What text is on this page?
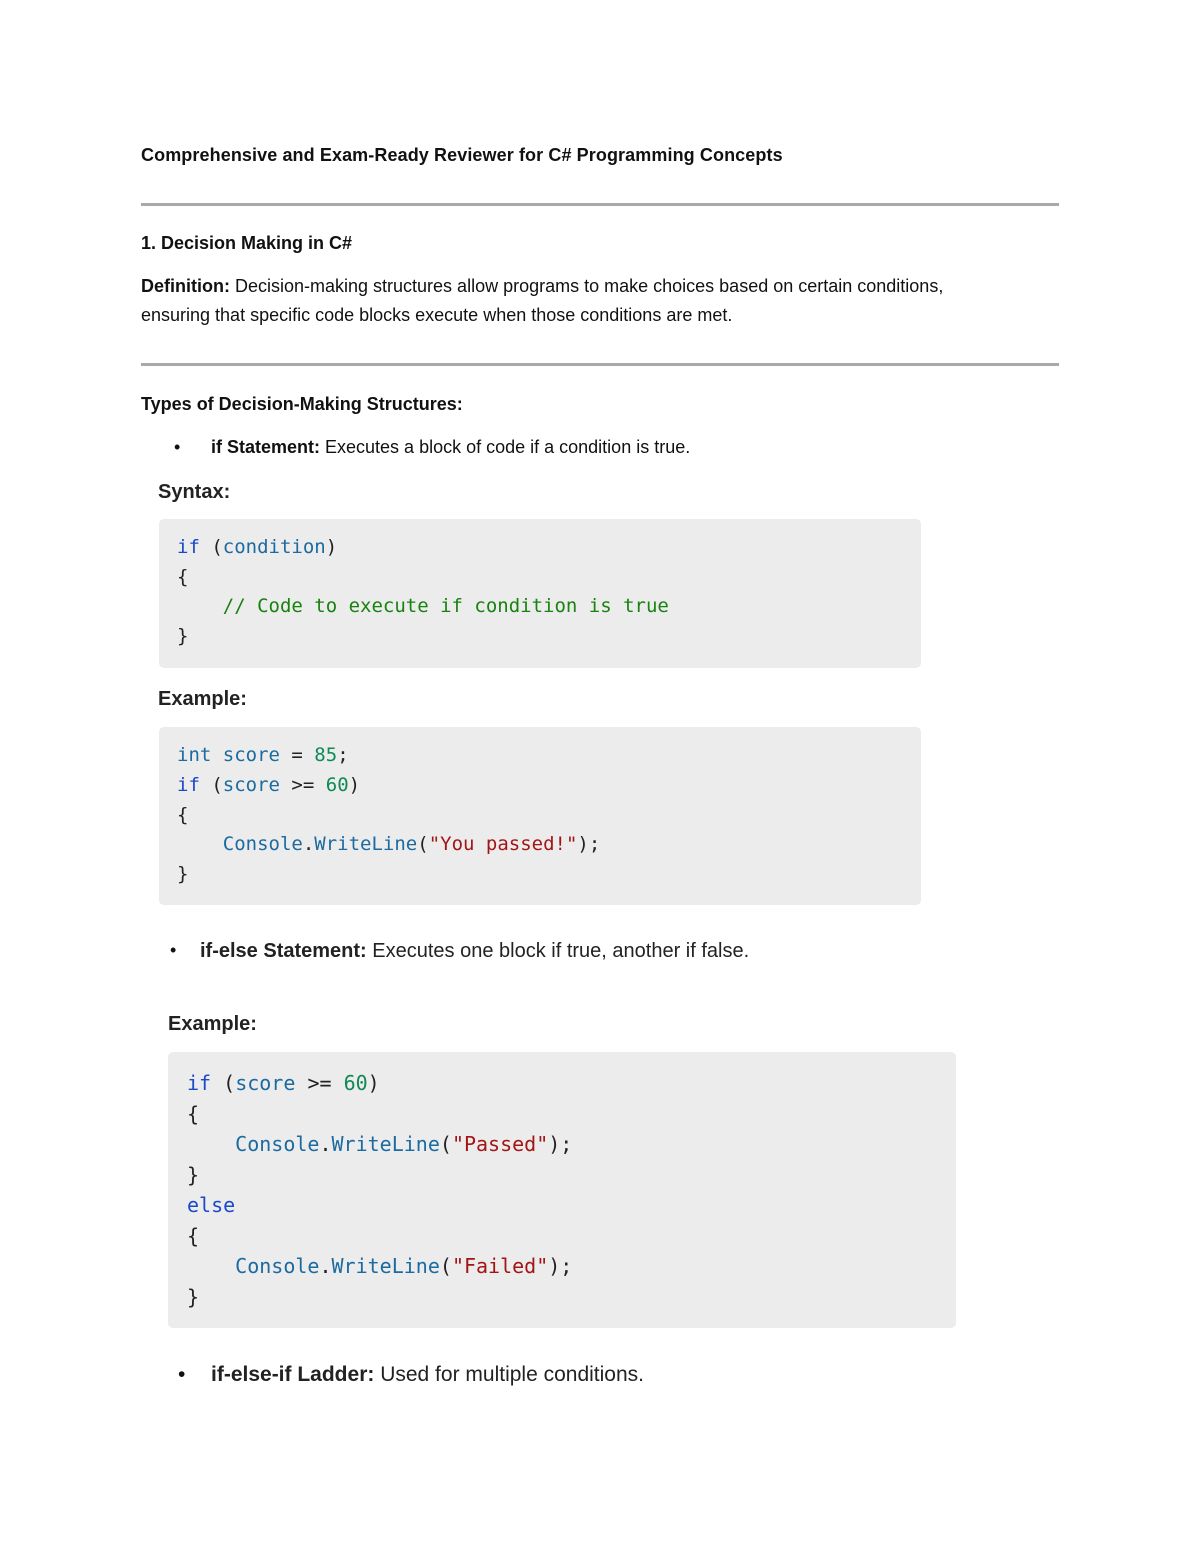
Comprehensive and Exam-Ready Reviewer for C# Programming Concepts
1. Decision Making in C#
Definition: Decision-making structures allow programs to make choices based on certain conditions,
ensuring that specific code blocks execute when those conditions are met.
Types of Decision-Making Structures:
• if Statement: Executes a block of code if a condition is true.
Syntax:
if (condition)
{
// Code to execute if condition is true
}
Example:
int score = 85;
if (score >= 60)
{
Console.WriteLine("You passed!");
}
• if-else Statement: Executes one block if true, another if false.
Example:
if (score >= 60)
{
Console.WriteLine("Passed");
}
else
{
Console.WriteLine("Failed");
}
• if-else-if Ladder: Used for multiple conditions.
